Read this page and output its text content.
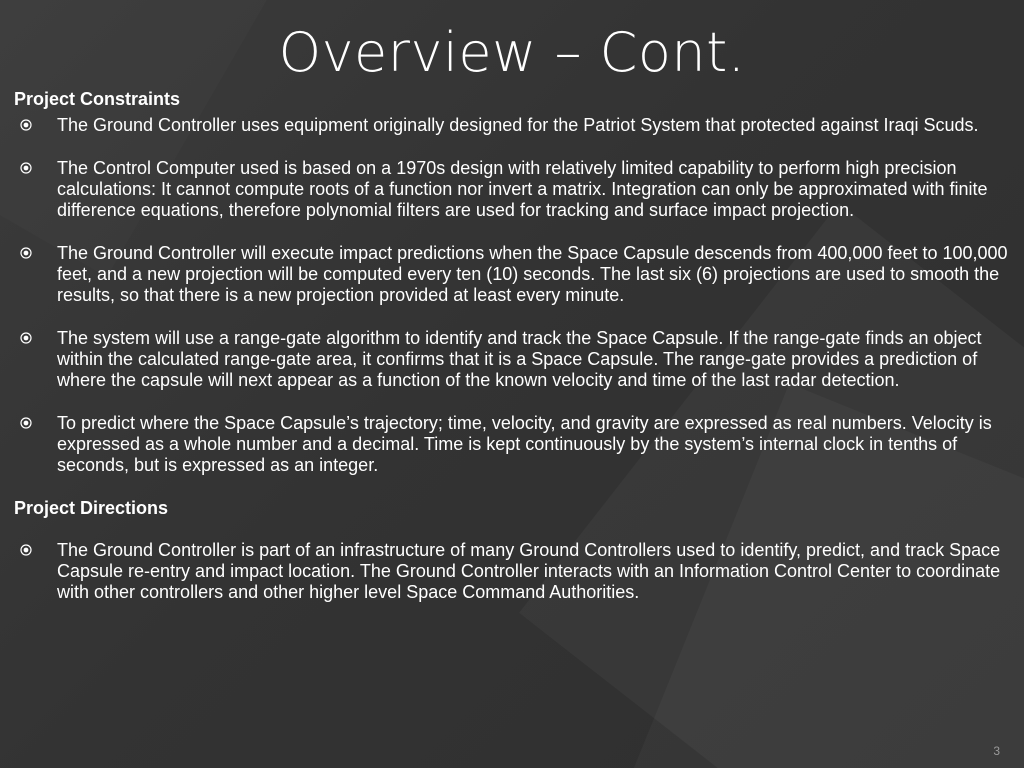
Overview – Cont.

Project Constraints

The Ground Controller uses equipment originally designed for the Patriot System that protected against Iraqi Scuds.
The Control Computer used is based on a 1970s design with relatively limited capability to perform high precision calculations: It cannot compute roots of a function nor invert a matrix. Integration can only be approximated with finite difference equations, therefore polynomial filters are used for tracking and surface impact projection.
The Ground Controller will execute impact predictions when the Space Capsule descends from 400,000 feet to 100,000 feet, and a new projection will be computed every ten (10) seconds. The last six (6) projections are used to smooth the results, so that there is a new projection provided at least every minute.
The system will use a range-gate algorithm to identify and track the Space Capsule. If the range-gate finds an object within the calculated range-gate area, it confirms that it is a Space Capsule. The range-gate provides a prediction of where the capsule will next appear as a function of the known velocity and time of the last radar detection.
To predict where the Space Capsule’s trajectory; time, velocity, and gravity are expressed as real numbers. Velocity is expressed as a whole number and a decimal. Time is kept continuously by the system’s internal clock in tenths of seconds, but is expressed as an integer.

Project Directions

The Ground Controller is part of an infrastructure of many Ground Controllers used to identify, predict, and track Space Capsule re-entry and impact location. The Ground Controller interacts with an Information Control Center to coordinate with other controllers and other higher level Space Command Authorities.
3
